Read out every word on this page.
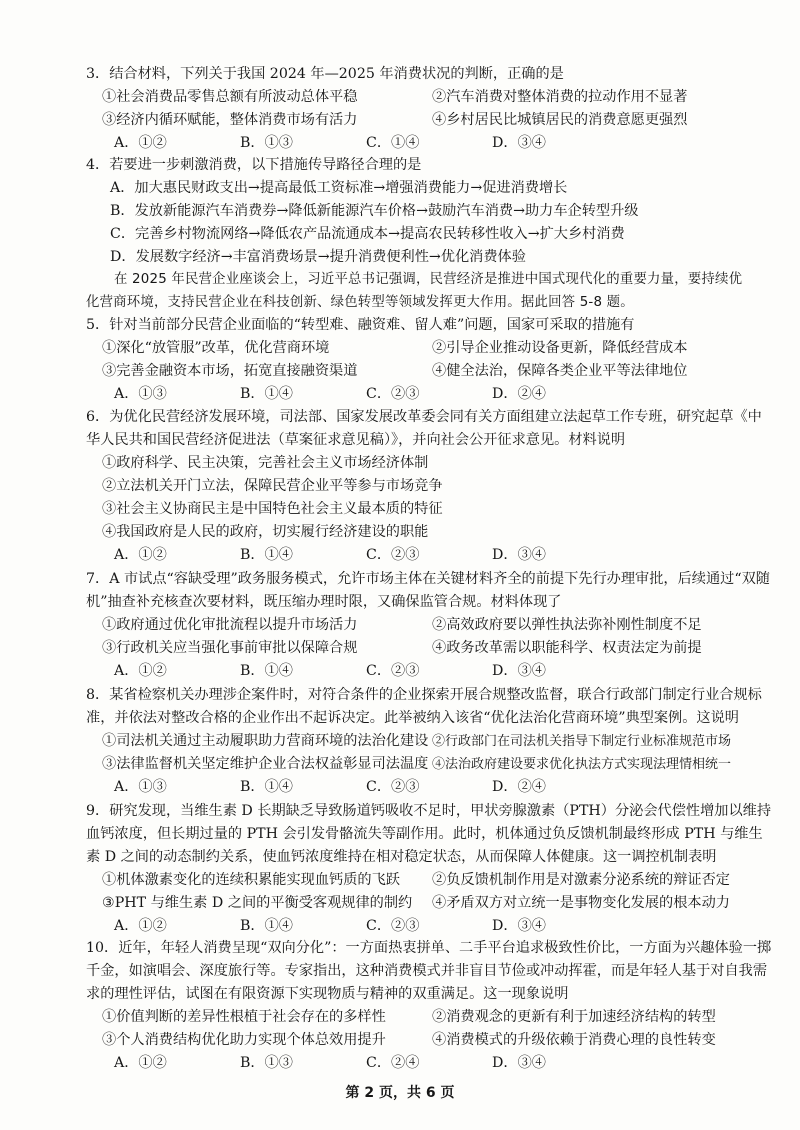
3．结合材料，下列关于我国 2024 年—2025 年消费状况的判断，正确的是
①社会消费品零售总额有所波动总体平稳	②汽车消费对整体消费的拉动作用不显著
③经济内循环赋能，整体消费市场有活力	④乡村居民比城镇居民的消费意愿更强烈
A．①②	B．①③	C．①④	D．③④
4．若要进一步刺激消费，以下措施传导路径合理的是
A．加大惠民财政支出→提高最低工资标准→增强消费能力→促进消费增长
B．发放新能源汽车消费券→降低新能源汽车价格→鼓励汽车消费→助力车企转型升级
C．完善乡村物流网络→降低农产品流通成本→提高农民转移性收入→扩大乡村消费
D．发展数字经济→丰富消费场景→提升消费便利性→优化消费体验
在 2025 年民营企业座谈会上，习近平总书记强调，民营经济是推进中国式现代化的重要力量，要持续优
化营商环境，支持民营企业在科技创新、绿色转型等领域发挥更大作用。据此回答 5-8 题。
5．针对当前部分民营企业面临的“转型难、融资难、留人难”问题，国家可采取的措施有
①深化“放管服”改革，优化营商环境	②引导企业推动设备更新，降低经营成本
③完善金融资本市场，拓宽直接融资渠道	④健全法治，保障各类企业平等法律地位
A．①③	B．①④	C．②③	D．②④
6．为优化民营经济发展环境，司法部、国家发展改革委会同有关方面组建立法起草工作专班，研究起草《中华人民共和国民营经济促进法（草案征求意见稿）》，并向社会公开征求意见。材料说明
①政府科学、民主决策，完善社会主义市场经济体制
②立法机关开门立法，保障民营企业平等参与市场竞争
③社会主义协商民主是中国特色社会主义最本质的特征
④我国政府是人民的政府，切实履行经济建设的职能
A．①②	B．①④	C．②③	D．③④
7．A 市试点“容缺受理”政务服务模式，允许市场主体在关键材料齐全的前提下先行办理审批，后续通过“双随机”抽查补充核查次要材料，既压缩办理时限，又确保监管合规。材料体现了
①政府通过优化审批流程以提升市场活力	②高效政府要以弹性执法弥补刚性制度不足
③行政机关应当强化事前审批以保障合规	④政务改革需以职能科学、权责法定为前提
A．①②	B．①④	C．②③	D．③④
8．某省检察机关办理涉企案件时，对符合条件的企业探索开展合规整改监督，联合行政部门制定行业合规标准，并依法对整改合格的企业作出不起诉决定。此举被纳入该省“优化法治化营商环境”典型案例。这说明
①司法机关通过主动履职助力营商环境的法治化建设 ②行政部门在司法机关指导下制定行业标准规范市场
③法律监督机关坚定维护企业合法权益彰显司法温度 ④法治政府建设要求优化执法方式实现法理情相统一
A．①③	B．①④	C．②③	D．②④
9．研究发现，当维生素 D 长期缺乏导致肠道钙吸收不足时，甲状旁腺激素（PTH）分泌会代偿性增加以维持血钙浓度，但长期过量的 PTH 会引发骨骼流失等副作用。此时，机体通过负反馈机制最终形成 PTH 与维生素 D 之间的动态制约关系，使血钙浓度维持在相对稳定状态，从而保障人体健康。这一调控机制表明
①机体激素变化的连续积累能实现血钙质的飞跃	②负反馈机制作用是对激素分泌系统的辩证否定
③PHT 与维生素 D 之间的平衡受客观规律的制约	④矛盾双方对立统一是事物变化发展的根本动力
A．①②	B．①④	C．②③	D．③④
10．近年，年轻人消费呈现“双向分化”：一方面热衷拼单、二手平台追求极致性价比，一方面为兴趣体验一掷千金，如演唱会、深度旅行等。专家指出，这种消费模式并非盲目节俭或冲动挥霍，而是年轻人基于对自我需求的理性评估，试图在有限资源下实现物质与精神的双重满足。这一现象说明
①价值判断的差异性根植于社会存在的多样性	②消费观念的更新有利于加速经济结构的转型
③个人消费结构优化助力实现个体总效用提升	④消费模式的升级依赖于消费心理的良性转变
A．①②	B．①③	C．②④	D．③④
第 2 页，共 6 页
